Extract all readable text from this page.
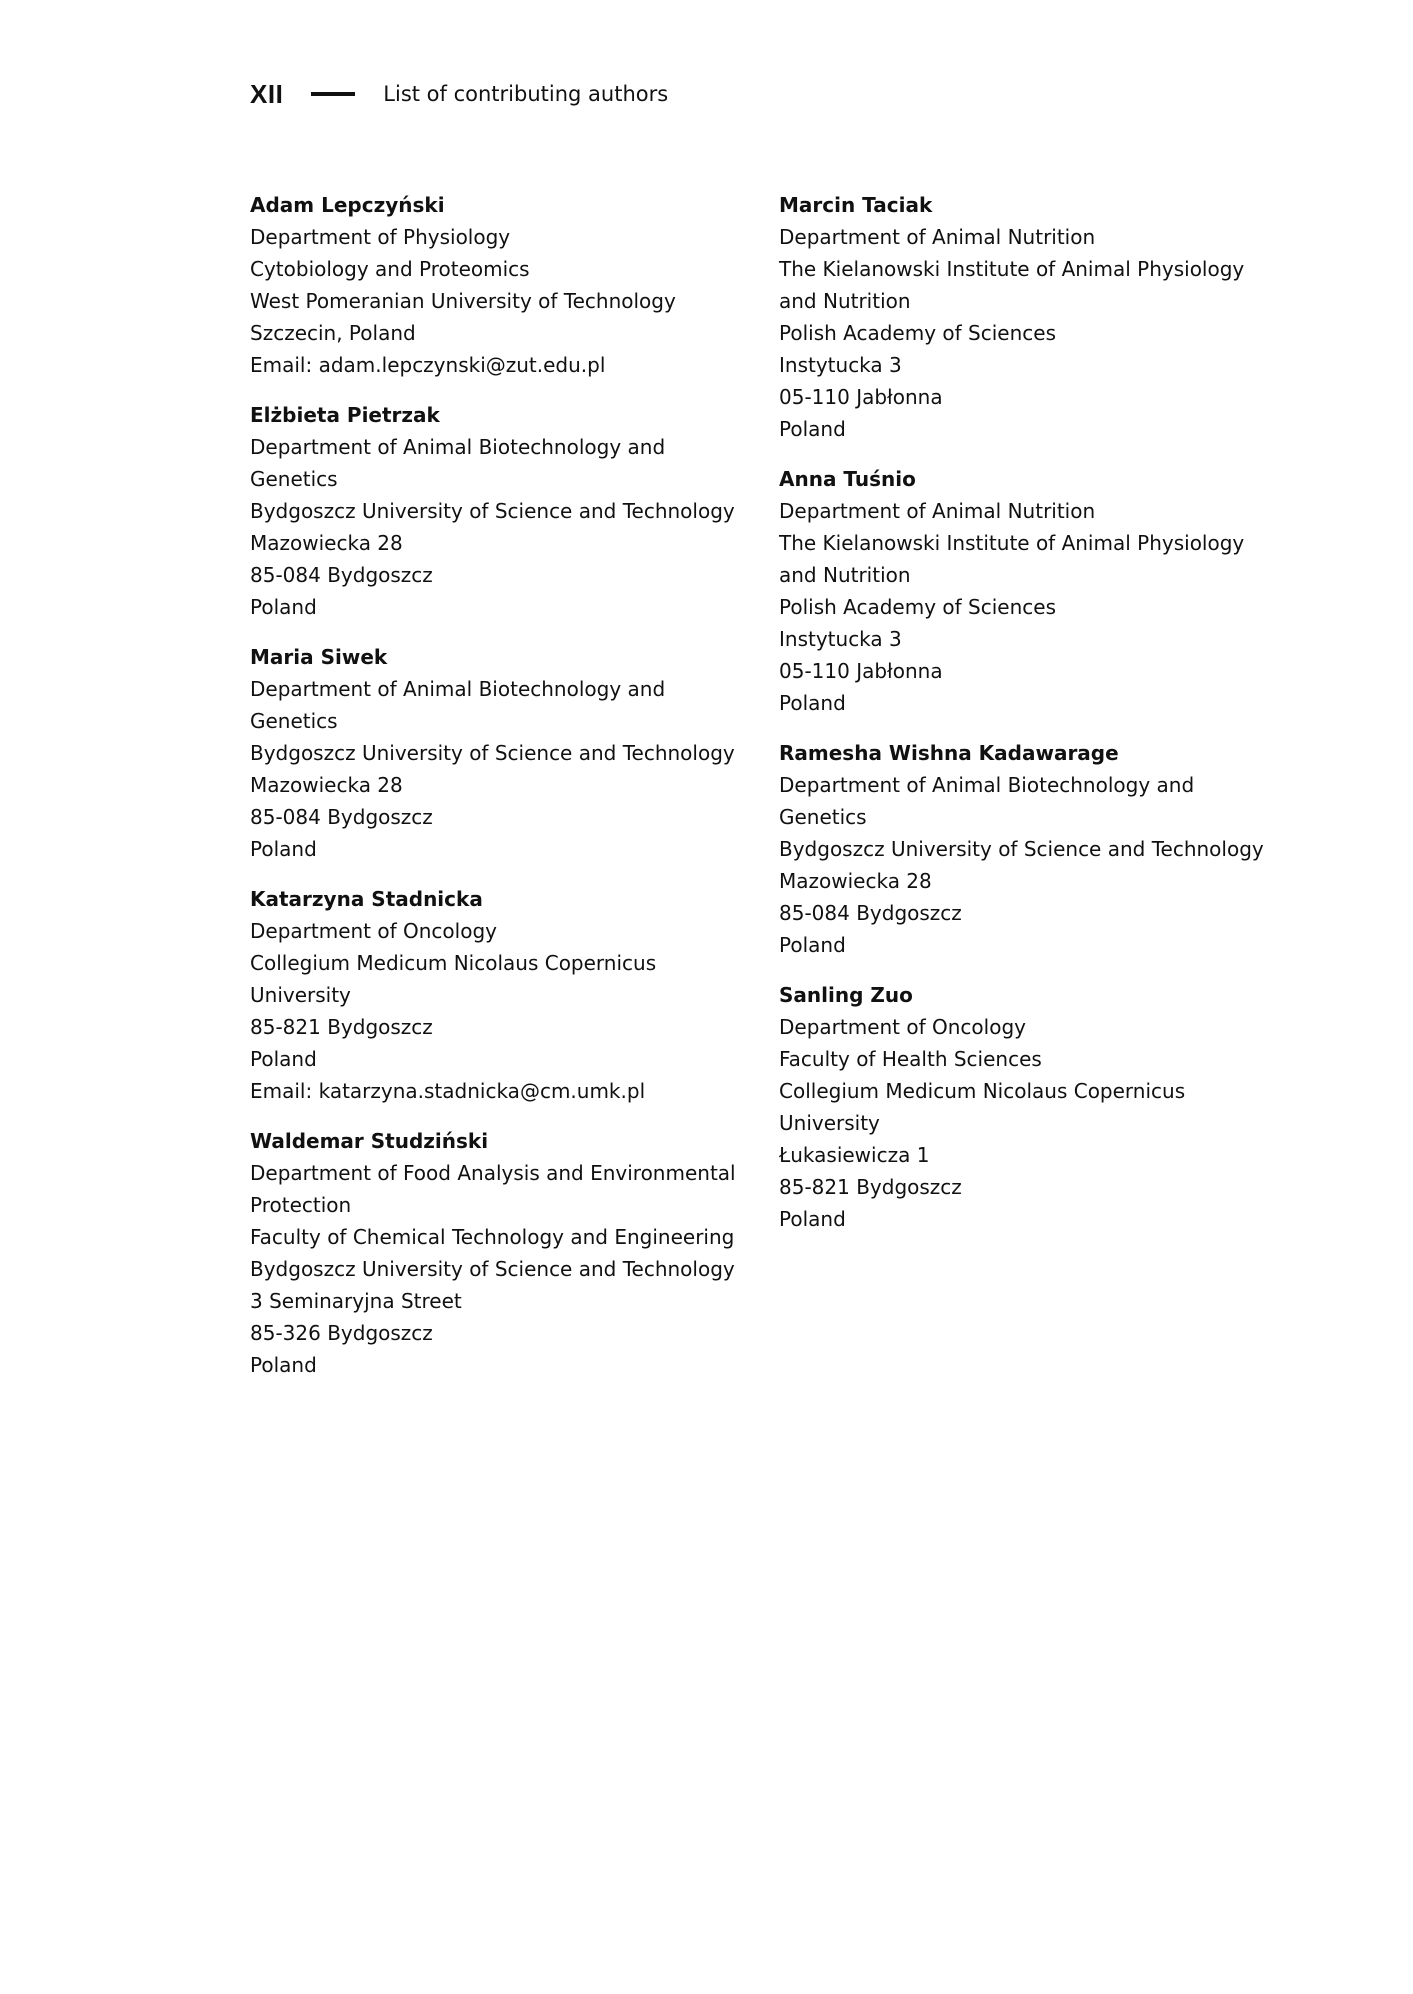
XII	List of contributing authors
Adam Lepczyński
Department of Physiology
Cytobiology and Proteomics
West Pomeranian University of Technology
Szczecin, Poland
Email: adam.lepczynski@zut.edu.pl
Elżbieta Pietrzak
Department of Animal Biotechnology and
Genetics
Bydgoszcz University of Science and Technology
Mazowiecka 28
85-084 Bydgoszcz
Poland
Maria Siwek
Department of Animal Biotechnology and
Genetics
Bydgoszcz University of Science and Technology
Mazowiecka 28
85-084 Bydgoszcz
Poland
Katarzyna Stadnicka
Department of Oncology
Collegium Medicum Nicolaus Copernicus
University
85-821 Bydgoszcz
Poland
Email: katarzyna.stadnicka@cm.umk.pl
Waldemar Studziński
Department of Food Analysis and Environmental
Protection
Faculty of Chemical Technology and Engineering
Bydgoszcz University of Science and Technology
3 Seminaryjna Street
85-326 Bydgoszcz
Poland
Marcin Taciak
Department of Animal Nutrition
The Kielanowski Institute of Animal Physiology
and Nutrition
Polish Academy of Sciences
Instytucka 3
05-110 Jabłonna
Poland
Anna Tuśnio
Department of Animal Nutrition
The Kielanowski Institute of Animal Physiology
and Nutrition
Polish Academy of Sciences
Instytucka 3
05-110 Jabłonna
Poland
Ramesha Wishna Kadawarage
Department of Animal Biotechnology and
Genetics
Bydgoszcz University of Science and Technology
Mazowiecka 28
85-084 Bydgoszcz
Poland
Sanling Zuo
Department of Oncology
Faculty of Health Sciences
Collegium Medicum Nicolaus Copernicus
University
Łukasiewicza 1
85-821 Bydgoszcz
Poland
